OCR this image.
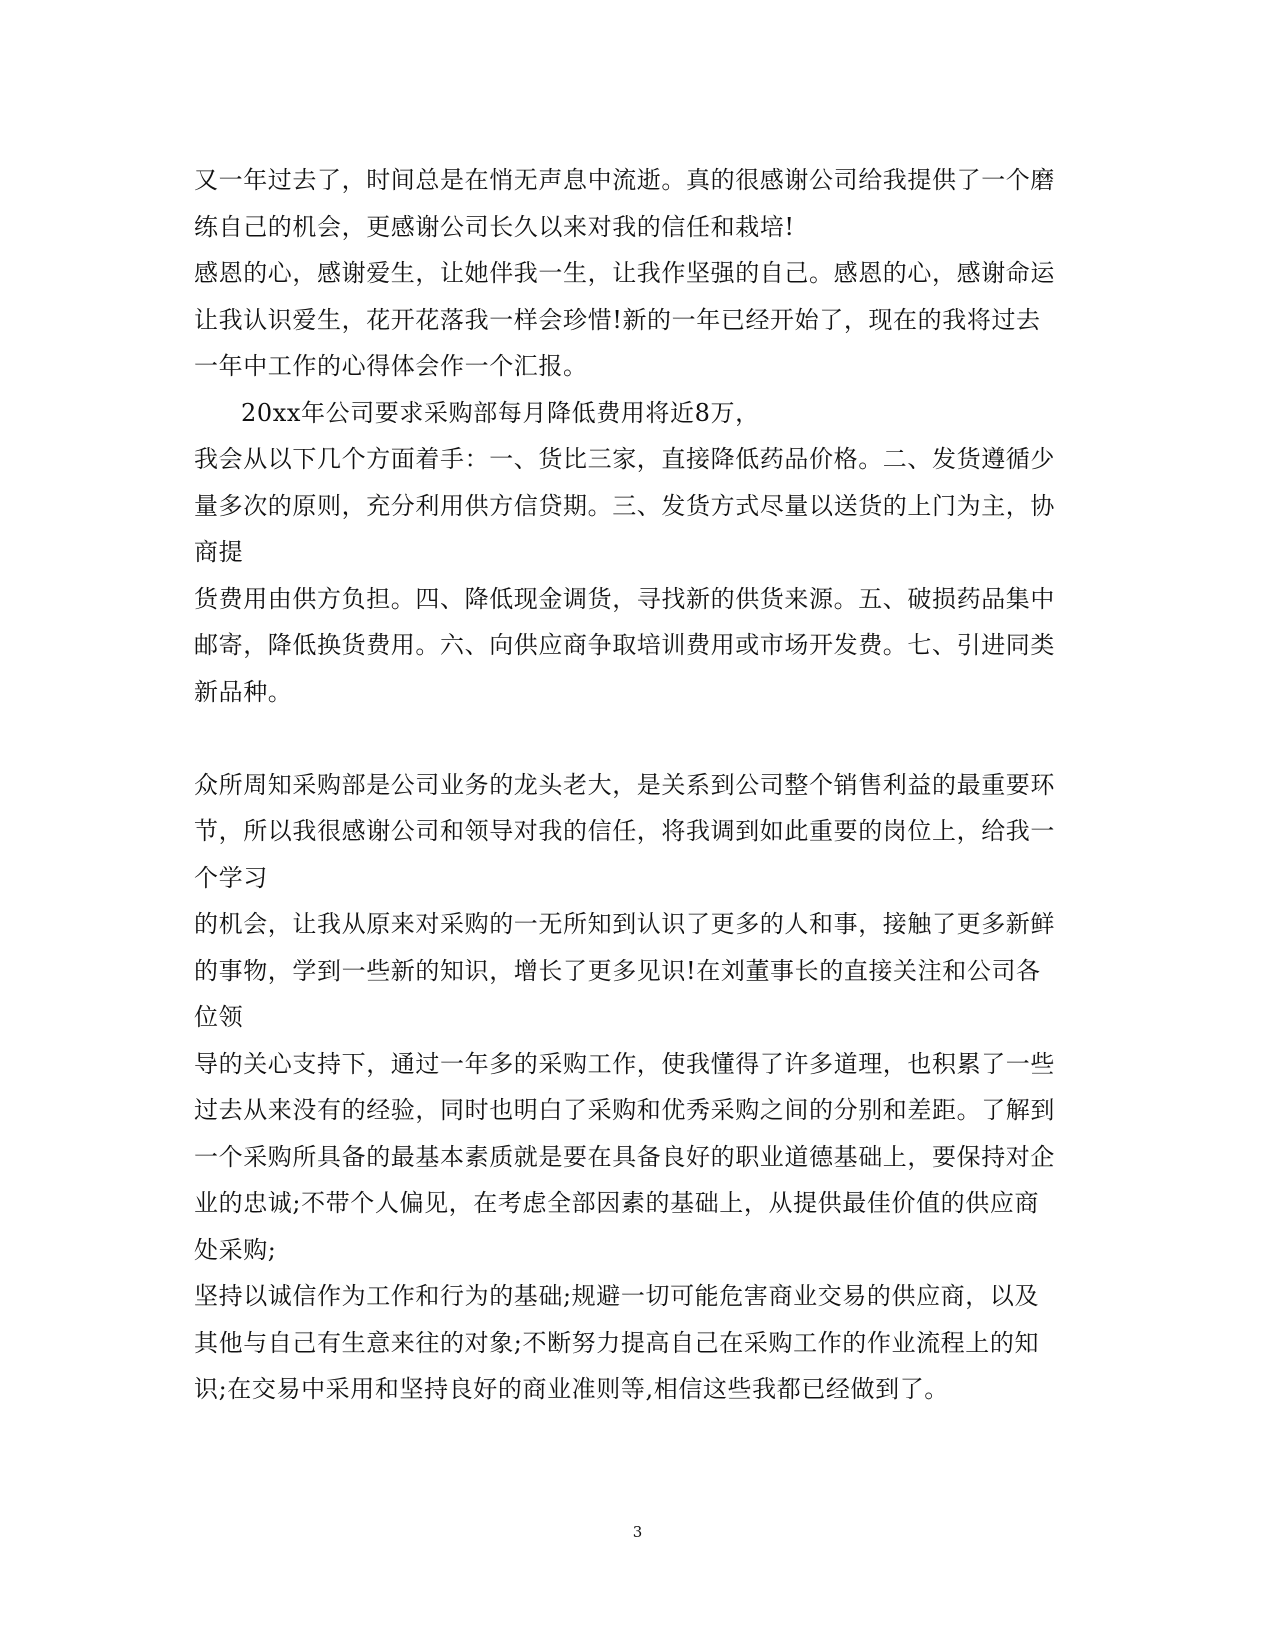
又一年过去了，时间总是在悄无声息中流逝。真的很感谢公司给我提供了一个磨
练自己的机会，更感谢公司长久以来对我的信任和栽培!
感恩的心，感谢爱生，让她伴我一生，让我作坚强的自己。感恩的心，感谢命运
让我认识爱生，花开花落我一样会珍惜!新的一年已经开始了，现在的我将过去
一年中工作的心得体会作一个汇报。
20xx年公司要求采购部每月降低费用将近8万，
我会从以下几个方面着手：一、货比三家，直接降低药品价格。二、发货遵循少
量多次的原则，充分利用供方信贷期。三、发货方式尽量以送货的上门为主，协
商提
货费用由供方负担。四、降低现金调货，寻找新的供货来源。五、破损药品集中
邮寄，降低换货费用。六、向供应商争取培训费用或市场开发费。七、引进同类
新品种。
众所周知采购部是公司业务的龙头老大，是关系到公司整个销售利益的最重要环
节，所以我很感谢公司和领导对我的信任，将我调到如此重要的岗位上，给我一
个学习
的机会，让我从原来对采购的一无所知到认识了更多的人和事，接触了更多新鲜
的事物，学到一些新的知识，增长了更多见识!在刘董事长的直接关注和公司各
位领
导的关心支持下，通过一年多的采购工作，使我懂得了许多道理，也积累了一些
过去从来没有的经验，同时也明白了采购和优秀采购之间的分别和差距。了解到
一个采购所具备的最基本素质就是要在具备良好的职业道德基础上，要保持对企
业的忠诚;不带个人偏见，在考虑全部因素的基础上，从提供最佳价值的供应商
处采购;
坚持以诚信作为工作和行为的基础;规避一切可能危害商业交易的供应商，以及
其他与自己有生意来往的对象;不断努力提高自己在采购工作的作业流程上的知
识;在交易中采用和坚持良好的商业准则等,相信这些我都已经做到了。
3
